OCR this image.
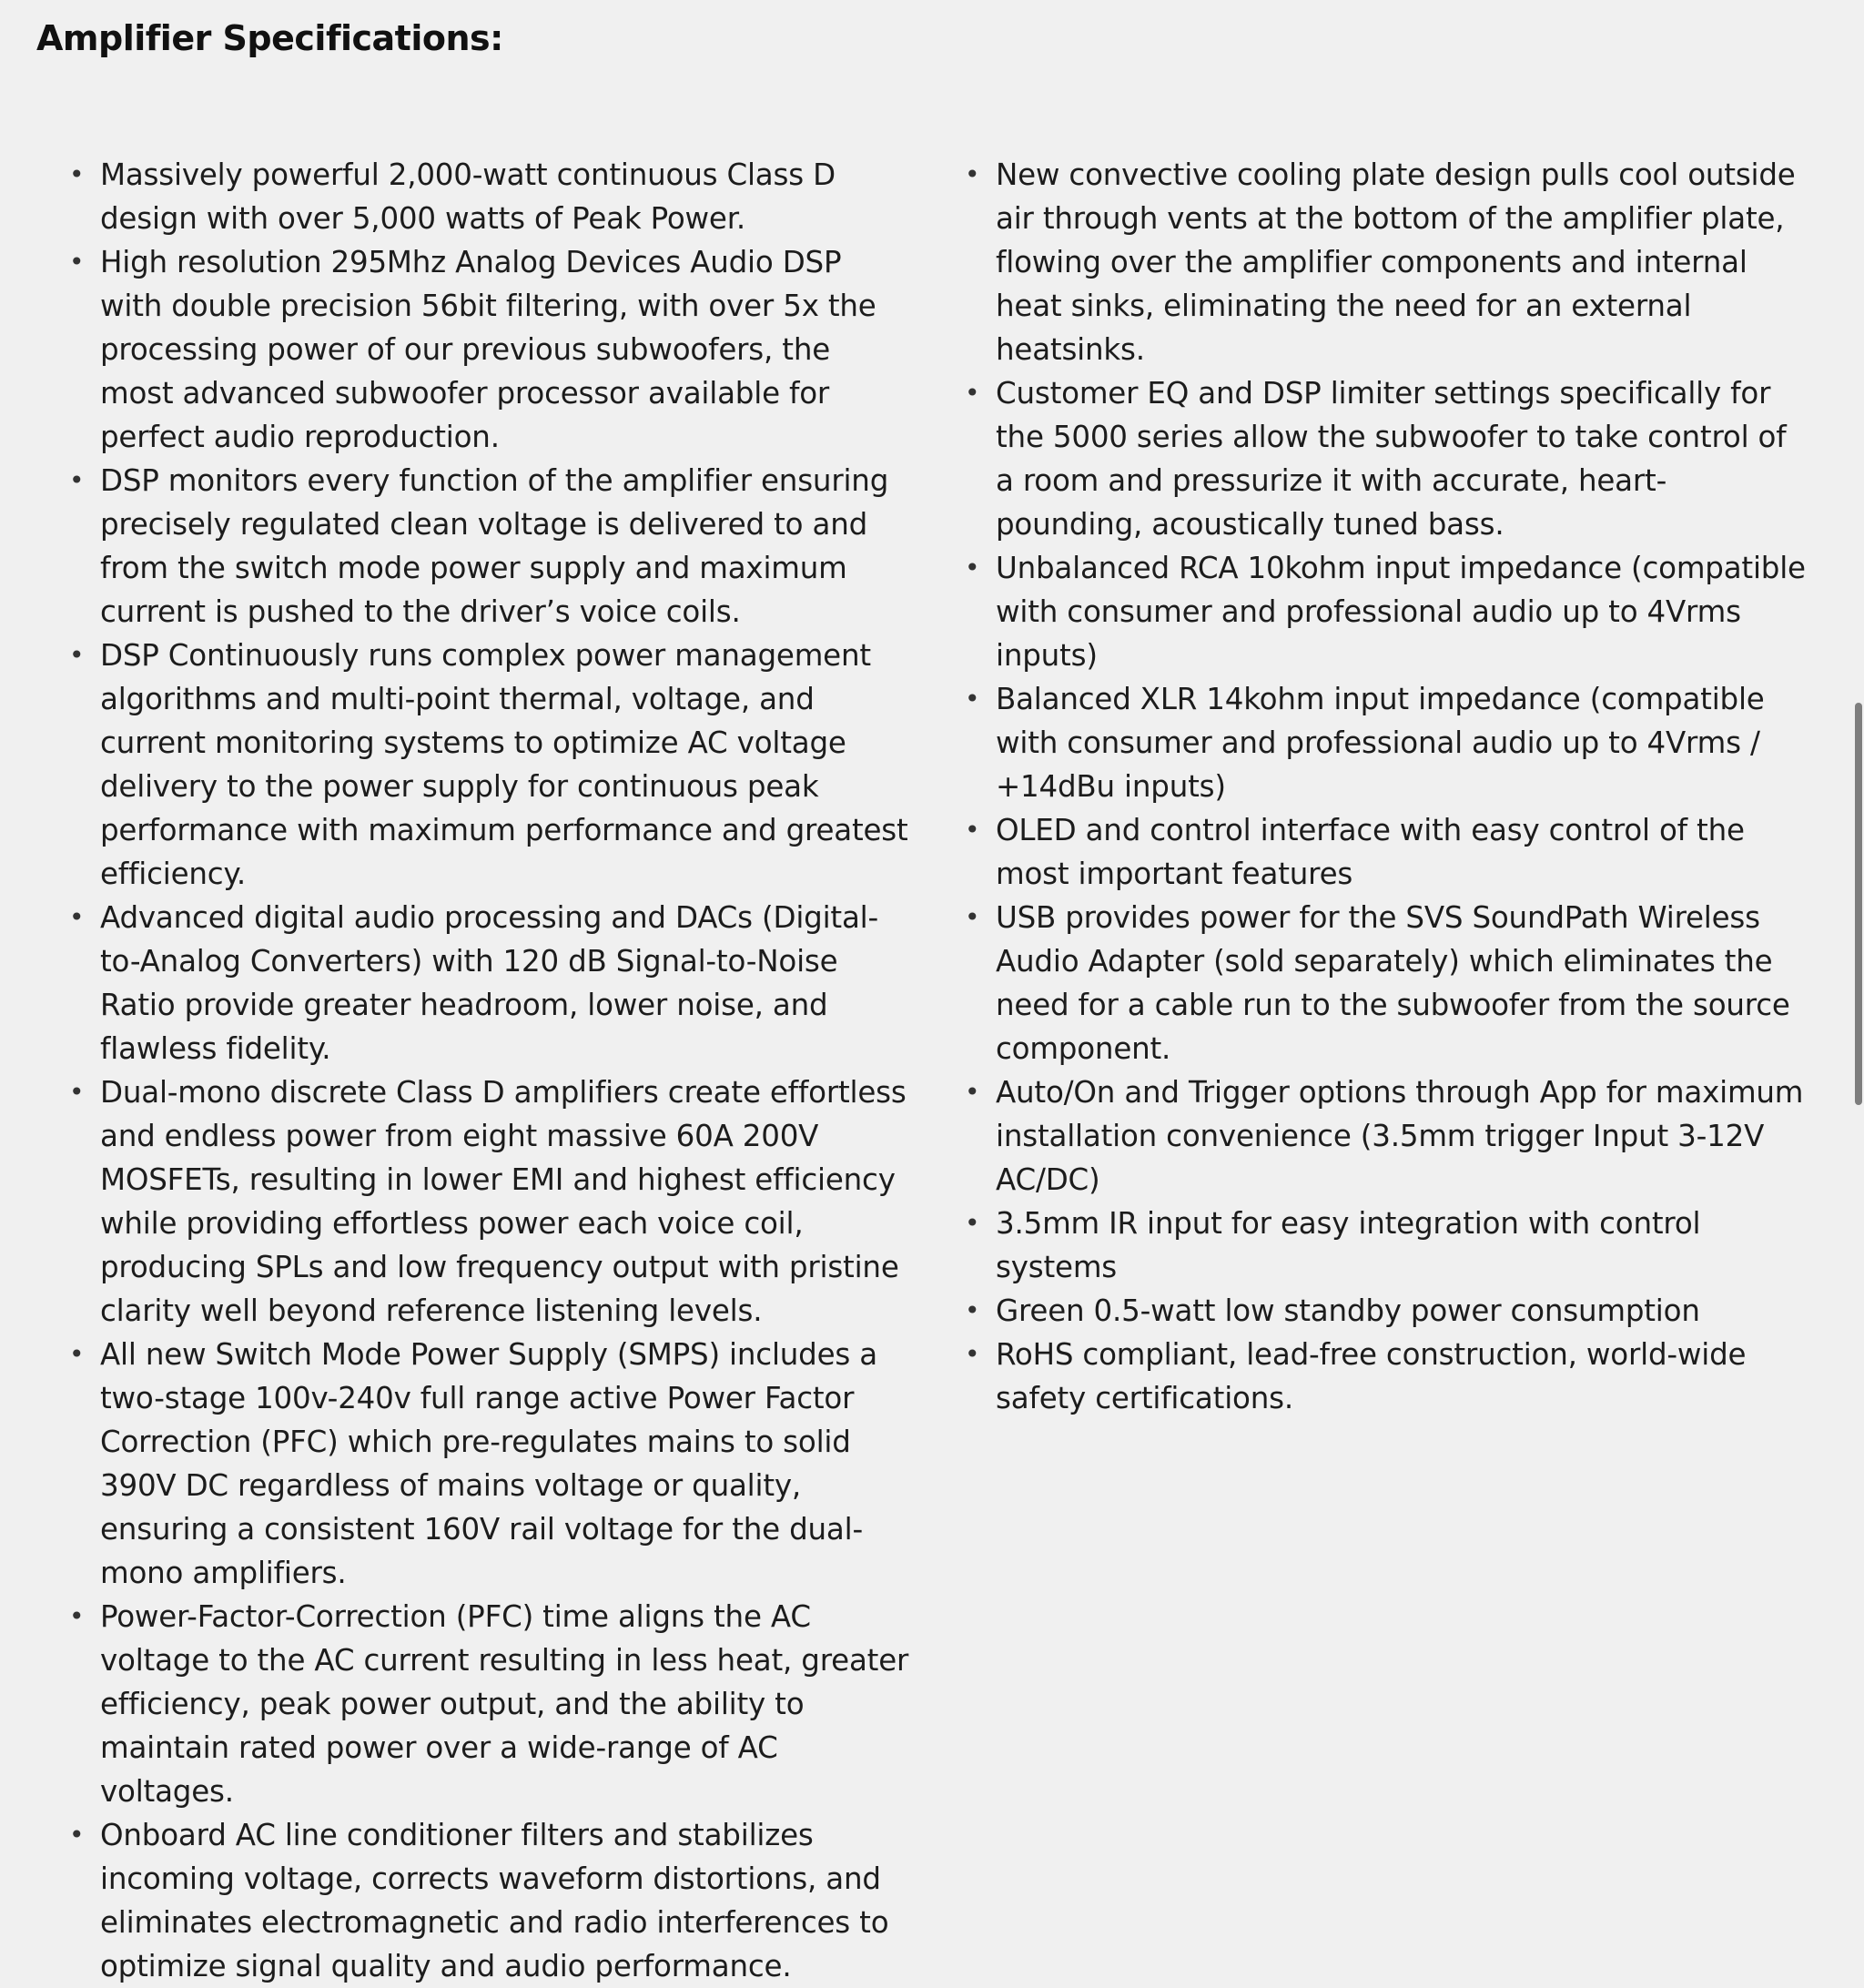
Amplifier Specifications:
• Massively powerful 2,000-watt continuous Class D design with over 5,000 watts of Peak Power.
• High resolution 295Mhz Analog Devices Audio DSP with double precision 56bit filtering, with over 5x the processing power of our previous subwoofers, the most advanced subwoofer processor available for perfect audio reproduction.
• DSP monitors every function of the amplifier ensuring precisely regulated clean voltage is delivered to and from the switch mode power supply and maximum current is pushed to the driver’s voice coils.
• DSP Continuously runs complex power management algorithms and multi-point thermal, voltage, and current monitoring systems to optimize AC voltage delivery to the power supply for continuous peak performance with maximum performance and greatest efficiency.
• Advanced digital audio processing and DACs (Digital-to-Analog Converters) with 120 dB Signal-to-Noise Ratio provide greater headroom, lower noise, and flawless fidelity.
• Dual-mono discrete Class D amplifiers create effortless and endless power from eight massive 60A 200V MOSFETs, resulting in lower EMI and highest efficiency while providing effortless power each voice coil, producing SPLs and low frequency output with pristine clarity well beyond reference listening levels.
• All new Switch Mode Power Supply (SMPS) includes a two-stage 100v-240v full range active Power Factor Correction (PFC) which pre-regulates mains to solid 390V DC regardless of mains voltage or quality, ensuring a consistent 160V rail voltage for the dual-mono amplifiers.
• Power-Factor-Correction (PFC) time aligns the AC voltage to the AC current resulting in less heat, greater efficiency, peak power output, and the ability to maintain rated power over a wide-range of AC voltages.
• Onboard AC line conditioner filters and stabilizes incoming voltage, corrects waveform distortions, and eliminates electromagnetic and radio interferences to optimize signal quality and audio performance.
• New convective cooling plate design pulls cool outside air through vents at the bottom of the amplifier plate, flowing over the amplifier components and internal heat sinks, eliminating the need for an external heatsinks.
• Customer EQ and DSP limiter settings specifically for the 5000 series allow the subwoofer to take control of a room and pressurize it with accurate, heart-pounding, acoustically tuned bass.
• Unbalanced RCA 10kohm input impedance (compatible with consumer and professional audio up to 4Vrms inputs)
• Balanced XLR 14kohm input impedance (compatible with consumer and professional audio up to 4Vrms / +14dBu inputs)
• OLED and control interface with easy control of the most important features
• USB provides power for the SVS SoundPath Wireless Audio Adapter (sold separately) which eliminates the need for a cable run to the subwoofer from the source component.
• Auto/On and Trigger options through App for maximum installation convenience (3.5mm trigger Input 3-12V AC/DC)
• 3.5mm IR input for easy integration with control systems
• Green 0.5-watt low standby power consumption
• RoHS compliant, lead-free construction, world-wide safety certifications.
